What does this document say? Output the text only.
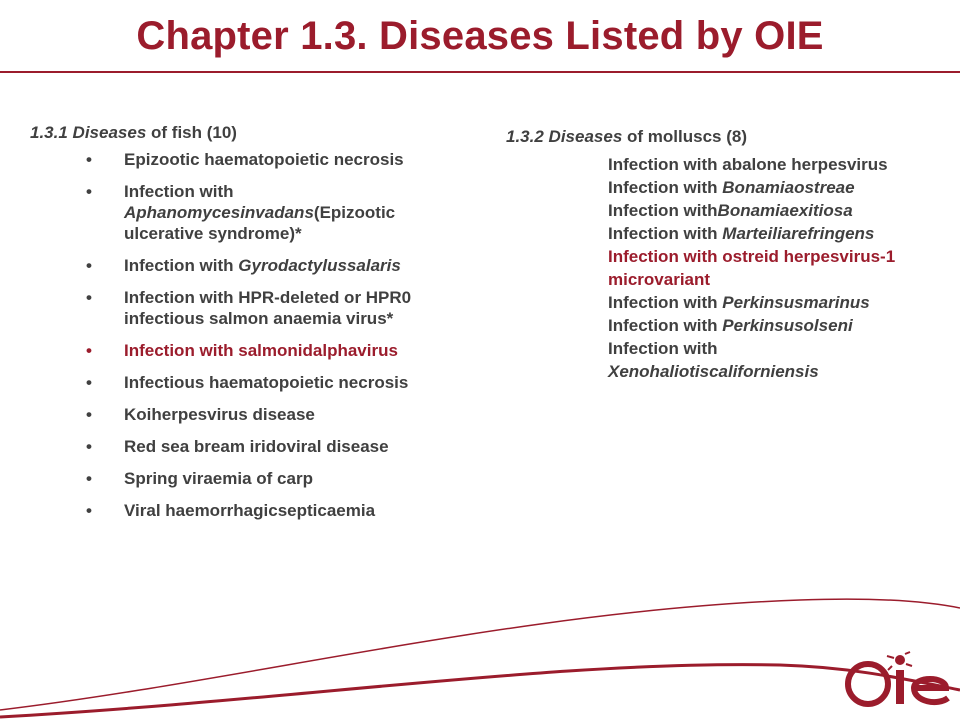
Chapter 1.3. Diseases Listed by OIE
1.3.1 Diseases of fish (10)
• Epizootic haematopoietic necrosis
• Infection with Aphanomycesinvadans(Epizootic ulcerative syndrome)*
• Infection with Gyrodactylussalaris
• Infection with HPR-deleted or HPR0 infectious salmon anaemia virus*
• Infection with salmonidalphavirus
• Infectious haematopoietic necrosis
• Koiherpesvirus disease
• Red sea bream iridoviral disease
• Spring viraemia of carp
• Viral haemorrhagicsepticaemia
1.3.2 Diseases of molluscs (8)
Infection with abalone herpesvirus
Infection with Bonamiaostreae
Infection withBonamiaexitiosa
Infection with Marteiliarefringens
Infection with ostreid herpesvirus-1 microvariant
Infection with Perkinsusmarinus
Infection with Perkinsusolseni
Infection with
Xenohaliotiscaliforniensis
